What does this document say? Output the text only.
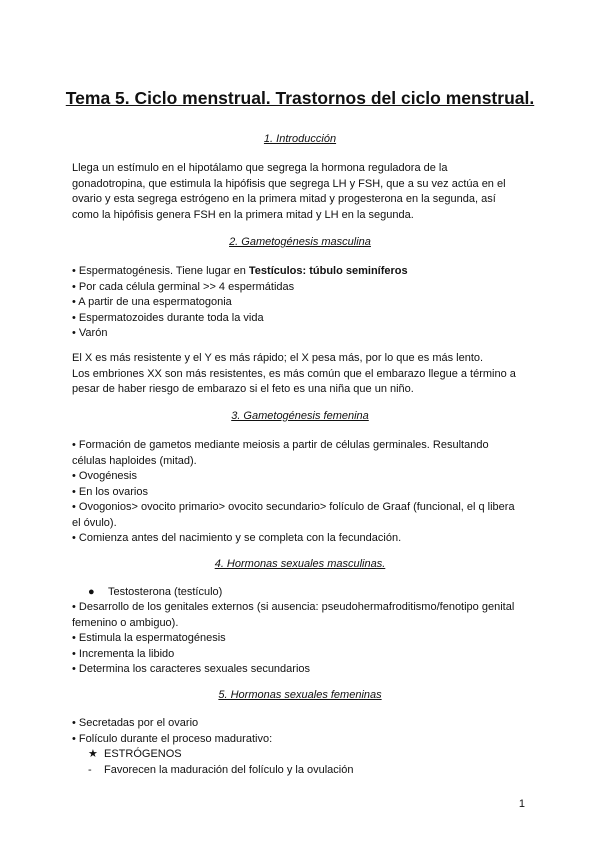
Tema 5. Ciclo menstrual. Trastornos del ciclo menstrual.
1. Introducción
Llega un estímulo en el hipotálamo que segrega la hormona reguladora de la
gonadotropina, que estimula la hipófisis que segrega LH y FSH, que a su vez actúa en el
ovario y esta segrega estrógeno en la primera mitad y progesterona en la segunda, así
como la hipófisis genera FSH en la primera mitad y LH en la segunda.
2. Gametogénesis masculina
• Espermatogénesis. Tiene lugar en Testículos: túbulo seminíferos
• Por cada célula germinal >> 4 espermátidas
• A partir de una espermatogonia
• Espermatozoides durante toda la vida
• Varón
El X es más resistente y el Y es más rápido; el X pesa más, por lo que es más lento.
Los embriones XX son más resistentes, es más común que el embarazo llegue a término a
pesar de haber riesgo de embarazo si el feto es una niña que un niño.
3. Gametogénesis femenina
• Formación de gametos mediante meiosis a partir de células germinales. Resultando
células haploides (mitad).
• Ovogénesis
• En los ovarios
• Ovogonios> ovocito primario> ovocito secundario> folículo de Graaf (funcional, el q libera
el óvulo).
• Comienza antes del nacimiento y se completa con la fecundación.
4. Hormonas sexuales masculinas.
● Testosterona (testículo)
• Desarrollo de los genitales externos (si ausencia: pseudohermafroditismo/fenotipo genital
femenino o ambiguo).
• Estimula la espermatogénesis
• Incrementa la libido
• Determina los caracteres sexuales secundarios
5. Hormonas sexuales femeninas
• Secretadas por el ovario
• Folículo durante el proceso madurativo:
★ ESTRÓGENOS
- Favorecen la maduración del folículo y la ovulación
1
